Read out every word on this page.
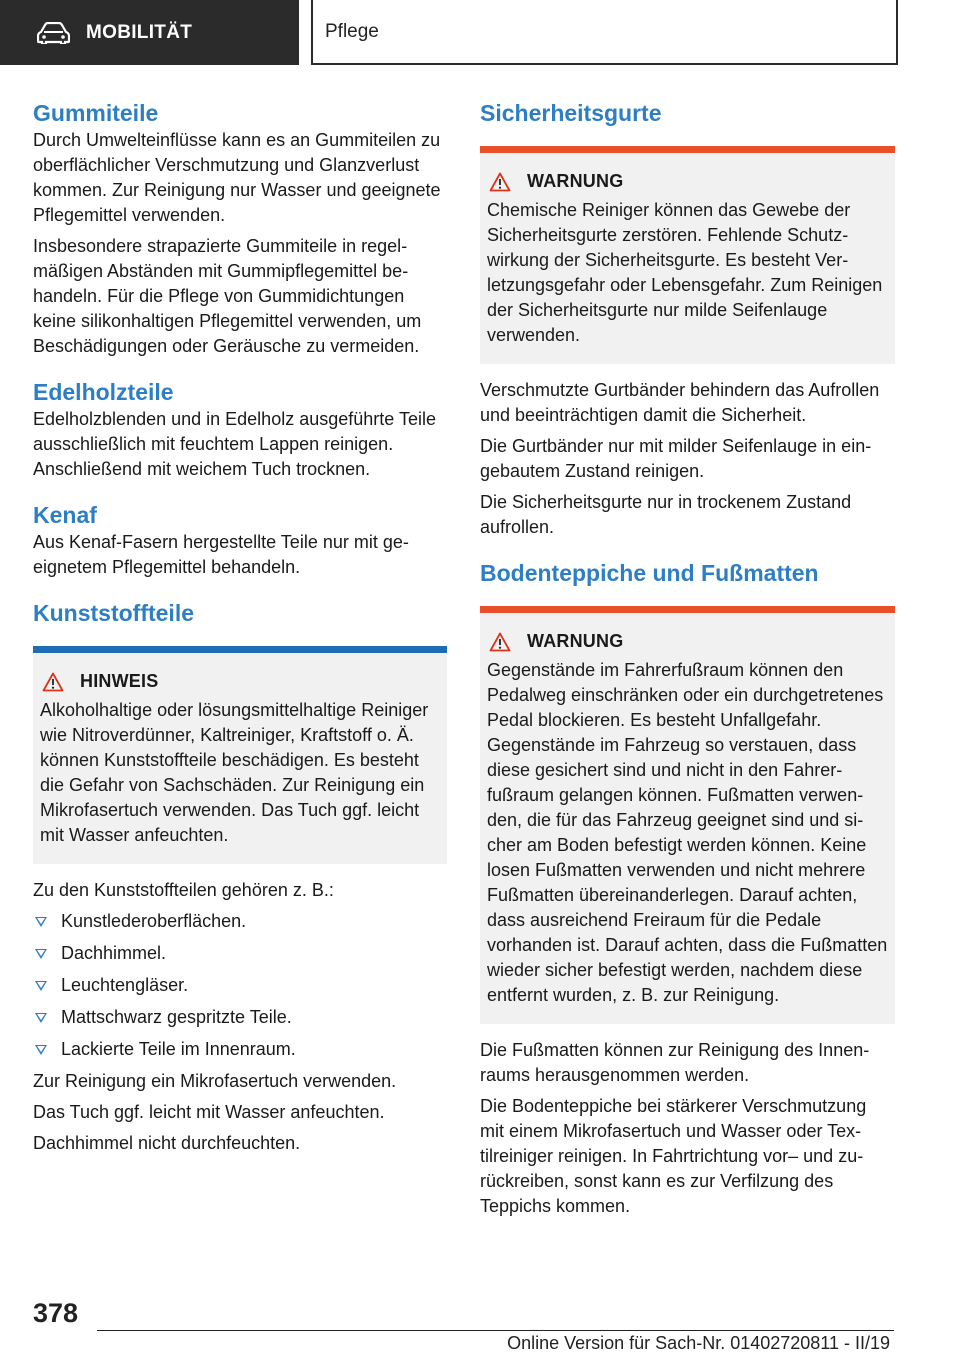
MOBILITÄT	Pflege
Gummiteile

Durch Umwelteinflüsse kann es an Gummiteilen zu oberflächlicher Verschmutzung und Glanzverlust kommen. Zur Reinigung nur Wasser und geeignete Pflegemittel verwenden.

Insbesondere strapazierte Gummiteile in regelmäßigen Abständen mit Gummipflegemittel behandeln. Für die Pflege von Gummidichtungen keine silikonhaltigen Pflegemittel verwenden, um Beschädigungen oder Geräusche zu vermeiden.

Edelholzteile

Edelholzblenden und in Edelholz ausgeführte Teile ausschließlich mit feuchtem Lappen reinigen. Anschließend mit weichem Tuch trocknen.

Kenaf

Aus Kenaf-Fasern hergestellte Teile nur mit geeignetem Pflegemittel behandeln.

Kunststoffteile
HINWEIS

Alkoholhaltige oder lösungsmittelhaltige Reiniger wie Nitroverdünner, Kaltreiniger, Kraftstoff o. Ä. können Kunststoffteile beschädigen. Es besteht die Gefahr von Sachschäden. Zur Reinigung ein Mikrofasertuch verwenden. Das Tuch ggf. leicht mit Wasser anfeuchten.

Zu den Kunststoffteilen gehören z. B.:

Kunstlederoberflächen.
Dachhimmel.
Leuchtengläser.
Mattschwarz gespritzte Teile.
Lackierte Teile im Innenraum.

Zur Reinigung ein Mikrofasertuch verwenden.

Das Tuch ggf. leicht mit Wasser anfeuchten.

Dachhimmel nicht durchfeuchten.

Sicherheitsgurte
WARNUNG

Chemische Reiniger können das Gewebe der Sicherheitsgurte zerstören. Fehlende Schutzwirkung der Sicherheitsgurte. Es besteht Verletzungsgefahr oder Lebensgefahr. Zum Reinigen der Sicherheitsgurte nur milde Seifenlauge verwenden.

Verschmutzte Gurtbänder behindern das Aufrollen und beeinträchtigen damit die Sicherheit.

Die Gurtbänder nur mit milder Seifenlauge in eingebautem Zustand reinigen.

Die Sicherheitsgurte nur in trockenem Zustand aufrollen.

Bodenteppiche und Fußmatten
WARNUNG

Gegenstände im Fahrerfußraum können den Pedalweg einschränken oder ein durchgetretenes Pedal blockieren. Es besteht Unfallgefahr. Gegenstände im Fahrzeug so verstauen, dass diese gesichert sind und nicht in den Fahrerfußraum gelangen können. Fußmatten verwenden, die für das Fahrzeug geeignet sind und sicher am Boden befestigt werden können. Keine losen Fußmatten verwenden und nicht mehrere Fußmatten übereinanderlegen. Darauf achten, dass ausreichend Freiraum für die Pedale vorhanden ist. Darauf achten, dass die Fußmatten wieder sicher befestigt werden, nachdem diese entfernt wurden, z. B. zur Reinigung.

Die Fußmatten können zur Reinigung des Innenraums herausgenommen werden.

Die Bodenteppiche bei stärkerer Verschmutzung mit einem Mikrofasertuch und Wasser oder Textilreiniger reinigen. In Fahrtrichtung vor– und zurückreiben, sonst kann es zur Verfilzung des Teppichs kommen.

378
Online Version für Sach-Nr. 01402720811 - II/19
